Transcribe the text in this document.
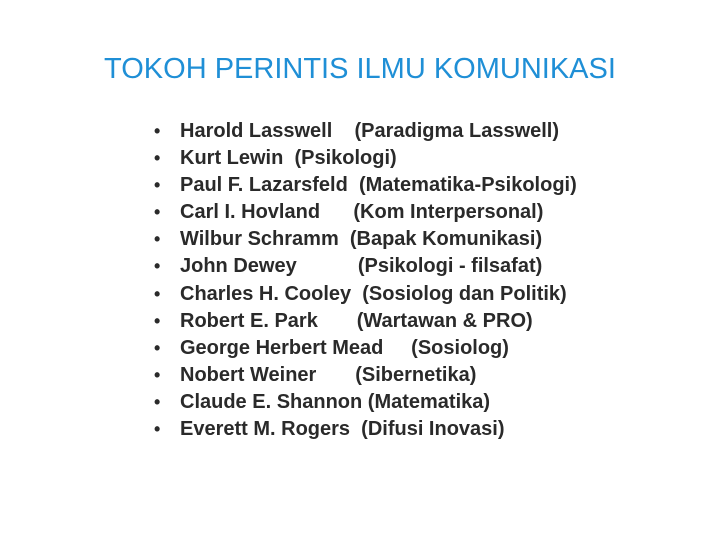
TOKOH PERINTIS ILMU KOMUNIKASI
• Harold Lasswell    (Paradigma Lasswell)
• Kurt Lewin  (Psikologi)
• Paul F. Lazarsfeld  (Matematika-Psikologi)
• Carl I. Hovland      (Kom Interpersonal)
• Wilbur Schramm  (Bapak Komunikasi)
• John Dewey           (Psikologi - filsafat)
• Charles H. Cooley  (Sosiolog dan Politik)
• Robert E. Park       (Wartawan & PRO)
• George Herbert Mead     (Sosiolog)
• Nobert Weiner       (Sibernetika)
• Claude E. Shannon (Matematika)
• Everett M. Rogers  (Difusi Inovasi)
